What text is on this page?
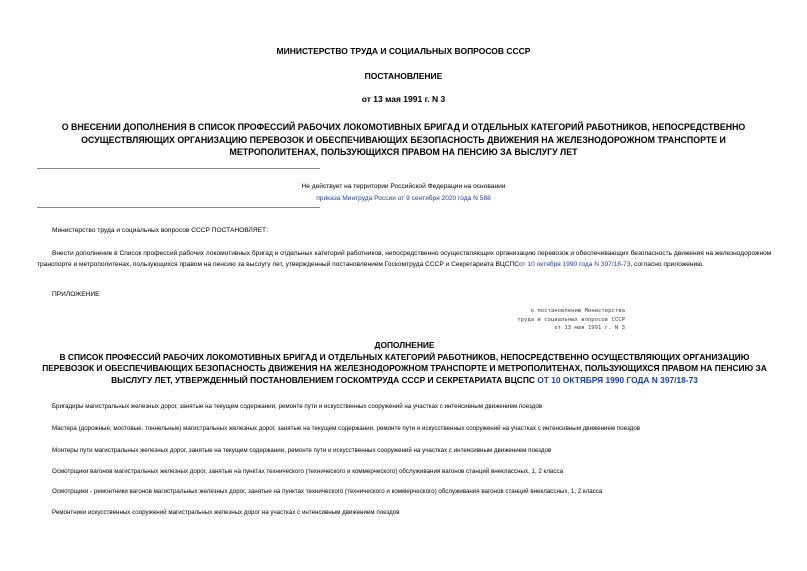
МИНИСТЕРСТВО ТРУДА И СОЦИАЛЬНЫХ ВОПРОСОВ СССР
ПОСТАНОВЛЕНИЕ
от 13 мая 1991 г. N 3
О ВНЕСЕНИИ ДОПОЛНЕНИЯ В СПИСОК ПРОФЕССИЙ РАБОЧИХ ЛОКОМОТИВНЫХ БРИГАД И ОТДЕЛЬНЫХ КАТЕГОРИЙ РАБОТНИКОВ, НЕПОСРЕДСТВЕННО ОСУЩЕСТВЛЯЮЩИХ ОРГАНИЗАЦИЮ ПЕРЕВОЗОК И ОБЕСПЕЧИВАЮЩИХ БЕЗОПАСНОСТЬ ДВИЖЕНИЯ НА ЖЕЛЕЗНОДОРОЖНОМ ТРАНСПОРТЕ И МЕТРОПОЛИТЕНАХ, ПОЛЬЗУЮЩИХСЯ ПРАВОМ НА ПЕНСИЮ ЗА ВЫСЛУГУ ЛЕТ
Не действует на территории Российской Федерации на основании
приказа Минтруда России от 9 сентября 2020 года N 588
Министерство труда и социальных вопросов СССР ПОСТАНОВЛЯЕТ:
Внести дополнение в Список профессий рабочих локомотивных бригад и отдельных категорий работников, непосредственно осуществляющих организацию перевозок и обеспечивающих безопасность движения на железнодорожном транспорте и метрополитенах, пользующихся правом на пенсию за выслугу лет, утвержденный постановлением Госкомтруда СССР и Секретариата ВЦСПСот 10 октября 1990 года N 397/18-73, согласно приложению.
ПРИЛОЖЕНИЕ
к постановлению Министерства
труда и социальных вопросов СССР
от 13 мая 1991 г. N 3
ДОПОЛНЕНИЕ
В СПИСОК ПРОФЕССИЙ РАБОЧИХ ЛОКОМОТИВНЫХ БРИГАД И ОТДЕЛЬНЫХ КАТЕГОРИЙ РАБОТНИКОВ, НЕПОСРЕДСТВЕННО ОСУЩЕСТВЛЯЮЩИХ ОРГАНИЗАЦИЮ ПЕРЕВОЗОК И ОБЕСПЕЧИВАЮЩИХ БЕЗОПАСНОСТЬ ДВИЖЕНИЯ НА ЖЕЛЕЗНОДОРОЖНОМ ТРАНСПОРТЕ И МЕТРОПОЛИТЕНАХ, ПОЛЬЗУЮЩИХСЯ ПРАВОМ НА ПЕНСИЮ ЗА ВЫСЛУГУ ЛЕТ, УТВЕРЖДЕННЫЙ ПОСТАНОВЛЕНИЕМ ГОСКОМТРУДА СССР И СЕКРЕТАРИАТА ВЦСПС ОТ 10 ОКТЯБРЯ 1990 ГОДА N 397/18-73
Бригадиры магистральных железных дорог, занятые на текущем содержании, ремонте пути и искусственных сооружений на участках с интенсивным движением поездов
Мастера (дорожные, мостовые, тоннельные) магистральных железных дорог, занятые на текущем содержании, ремонте пути и искусственных сооружений на участках с интенсивным движением поездов
Монтеры пути магистральных железных дорог, занятые на текущем содержании, ремонте пути и искусственных сооружений на участках с интенсивным движением поездов
Осмотрщики вагонов магистральных железных дорог, занятые на пунктах технического (технического и коммерческого) обслуживания вагонов станций внеклассных, 1, 2 класса
Осмотрщики - ремонтники вагонов магистральных железных дорог, занятые на пунктах технического (технического и коммерческого) обслуживания вагонов станций внеклассных, 1, 2 класса
Ремонтники искусственных сооружений магистральных железных дорог на участках с интенсивным движением поездов
